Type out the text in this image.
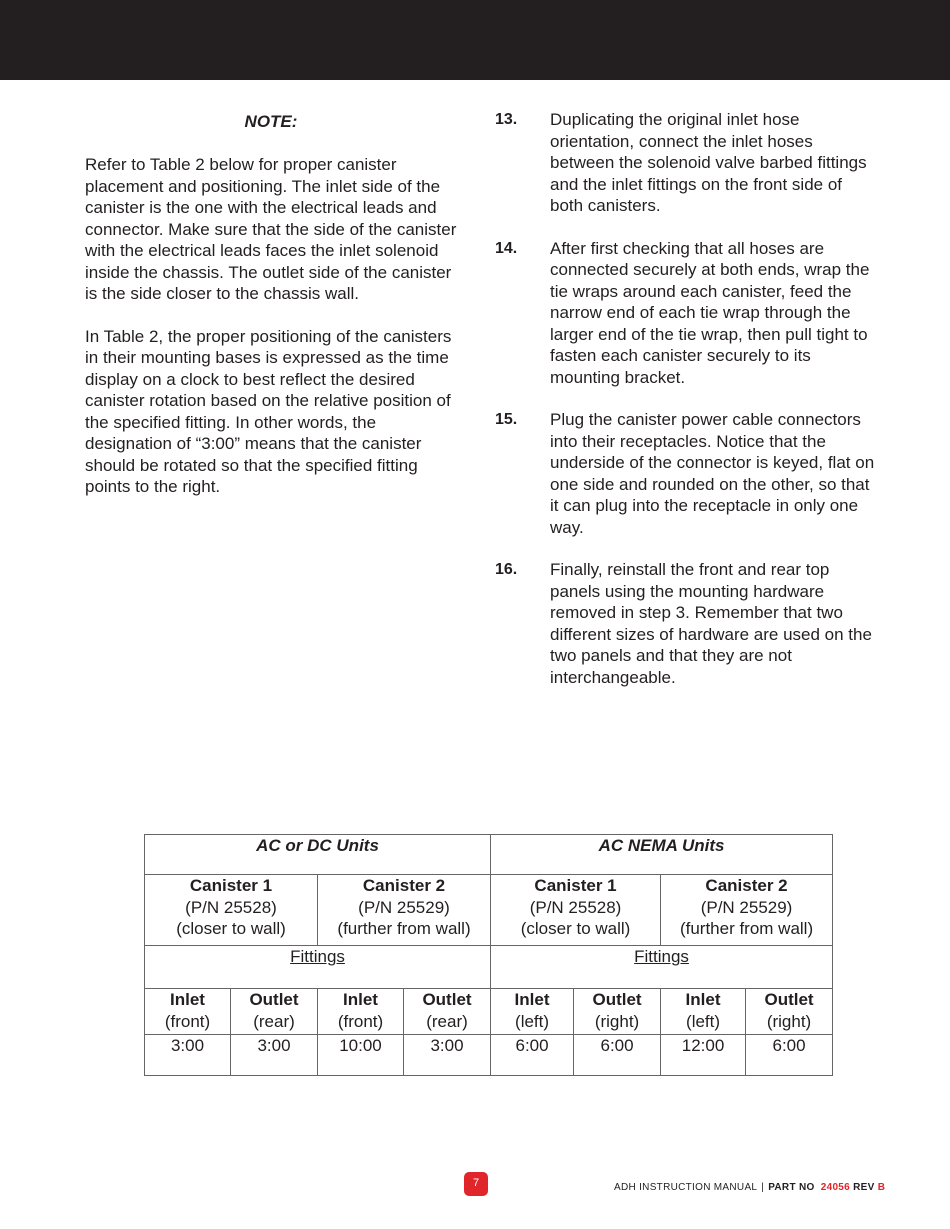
NOTE:

Refer to Table 2 below for proper canister placement and positioning. The inlet side of the canister is the one with the electrical leads and connector. Make sure that the side of the canister with the electrical leads faces the inlet solenoid inside the chassis. The outlet side of the canister is the side closer to the chassis wall.

In Table 2, the proper positioning of the canisters in their mounting bases is expressed as the time display on a clock to best reflect the desired canister rotation based on the relative position of the specified fitting. In other words, the designation of “3:00” means that the canister should be rotated so that the specified fitting points to the right.

13.	Duplicating the original inlet hose orientation, connect the inlet hoses between the solenoid valve barbed fittings and the inlet fittings on the front side of both canisters.
14.	After first checking that all hoses are connected securely at both ends, wrap the tie wraps around each canister, feed the narrow end of each tie wrap through the larger end of the tie wrap, then pull tight to fasten each canister securely to its mounting bracket.
15.	Plug the canister power cable connectors into their receptacles. Notice that the underside of the connector is keyed, flat on one side and rounded on the other, so that it can plug into the receptacle in only one way.
16.	Finally, reinstall the front and rear top panels using the mounting hardware removed in step 3. Remember that two different sizes of hardware are used on the two panels and that they are not interchangeable.
AC or DC Units				AC NEMA Units			

Canister 1
(P/N 25528)
(closer to wall)		Canister 2
(P/N 25529)
(further from wall)		Canister 1
(P/N 25528)
(closer to wall)		Canister 2
(P/N 25529)
(further from wall)	
Fittings				Fittings			

Inlet
(front)	Outlet
(rear)	Inlet
(front)	Outlet
(rear)	Inlet
(left)	Outlet
(right)	Inlet
(left)	Outlet
(right)
3:00	3:00	10:00	3:00	6:00	6:00	12:00	6:00
7	ADH INSTRUCTION MANUAL | PART NO 24056 REV B
